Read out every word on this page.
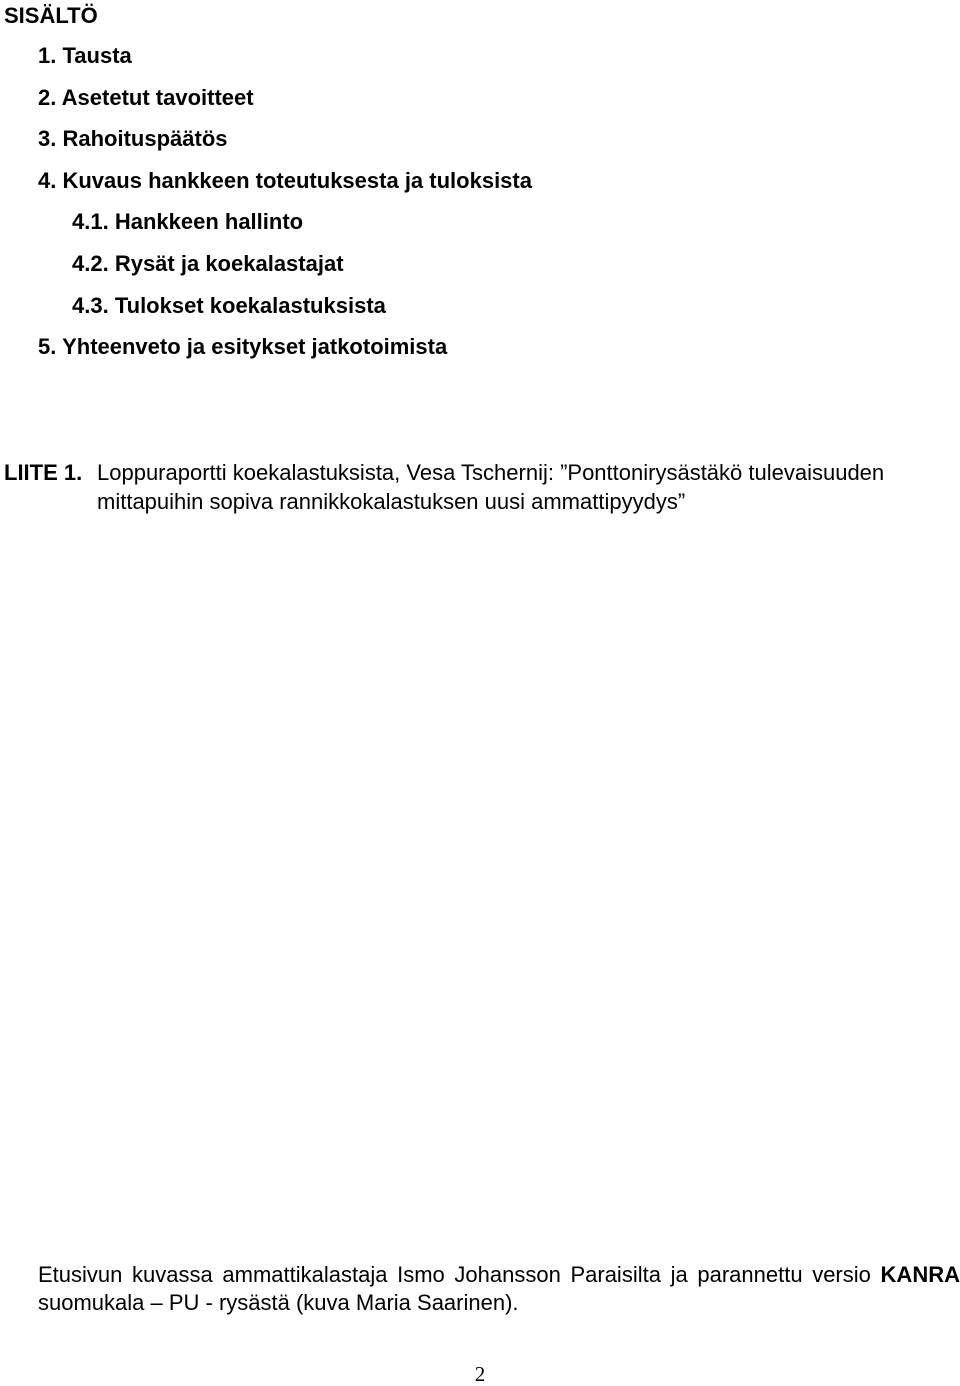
SISÄLTÖ
1. Tausta
2. Asetetut tavoitteet
3. Rahoituspäätös
4. Kuvaus hankkeen toteutuksesta ja tuloksista
4.1. Hankkeen hallinto
4.2. Rysät ja koekalastajat
4.3. Tulokset koekalastuksista
5. Yhteenveto ja esitykset jatkotoimista
LIITE 1. Loppuraportti koekalastuksista, Vesa Tschernij: ”Ponttonirysästäkö tulevaisuuden mittapuihin sopiva rannikkokalastuksen uusi ammattipyydys”
Etusivun kuvassa ammattikalastaja Ismo Johansson Paraisilta ja parannettu versio KANRA suomukala – PU - rysästä (kuva Maria Saarinen).
2
